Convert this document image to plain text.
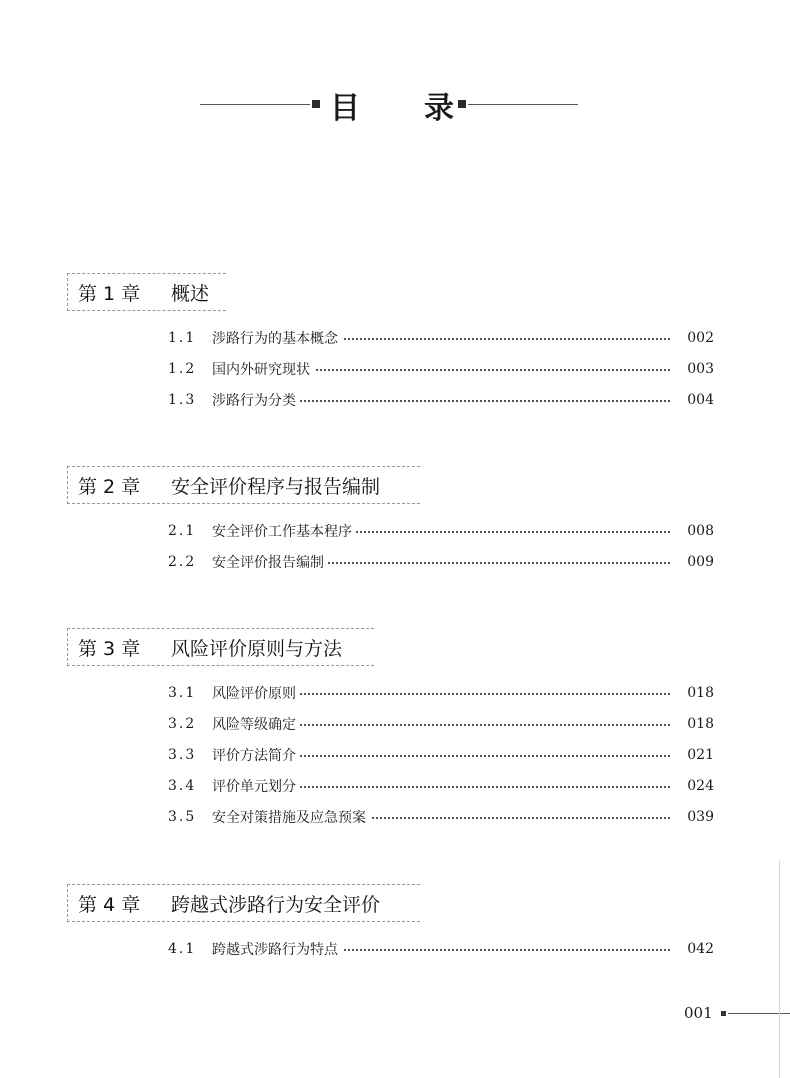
目 录
第 1 章	概述
1.1	涉路行为的基本概念	002
1.2	国内外研究现状	003
1.3	涉路行为分类	004
第 2 章	安全评价程序与报告编制
2.1	安全评价工作基本程序	008
2.2	安全评价报告编制	009
第 3 章	风险评价原则与方法
3.1	风险评价原则	018
3.2	风险等级确定	018
3.3	评价方法简介	021
3.4	评价单元划分	024
3.5	安全对策措施及应急预案	039
第 4 章	跨越式涉路行为安全评价
4.1	跨越式涉路行为特点	042
001
